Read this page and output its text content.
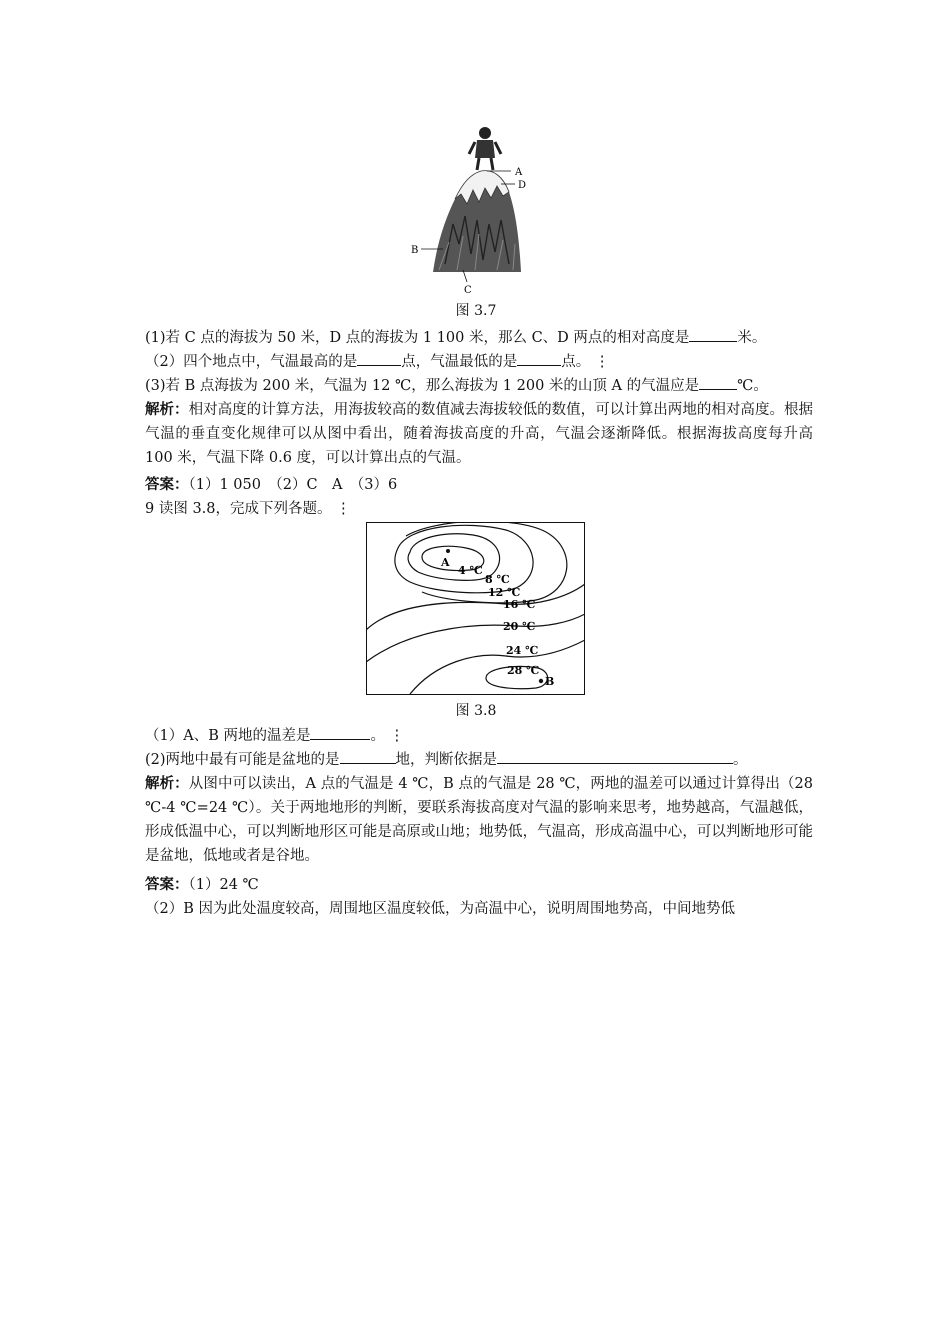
A
D
B
C
图 3.7
(1)若 C 点的海拔为 50 米，D 点的海拔为 1 100 米，那么 C、D 两点的相对高度是	米。
（2）四个地点中，气温最高的是	点，气温最低的是	点。 ⋮
(3)若 B 点海拔为 200 米，气温为 12 ℃，那么海拔为 1 200 米的山顶 A 的气温应是	℃。
解析：相对高度的计算方法，用海拔较高的数值减去海拔较低的数值，可以计算出两地的相对高度。根据气温的垂直变化规律可以从图中看出，随着海拔高度的升高，气温会逐渐降低。根据海拔高度每升高 100 米，气温下降 0.6 度，可以计算出点的气温。
答案：（1）1 050　（2）C　A　（3）6
9 读图 3.8，完成下列各题。 ⋮
A
4 ℃
8 ℃
12 ℃
16 ℃
20 ℃
24 ℃
28 ℃
B
图 3.8
（1）A、B 两地的温差是	。 ⋮
(2)两地中最有可能是盆地的是	地，判断依据是	。
解析：从图中可以读出，A 点的气温是 4 ℃，B 点的气温是 28 ℃，两地的温差可以通过计算得出（28 ℃-4 ℃=24 ℃）。关于两地地形的判断，要联系海拔高度对气温的影响来思考，地势越高，气温越低，形成低温中心，可以判断地形区可能是高原或山地；地势低，气温高，形成高温中心，可以判断地形可能是盆地，低地或者是谷地。
答案：（1）24 ℃
（2）B 因为此处温度较高，周围地区温度较低，为高温中心，说明周围地势高，中间地势低
